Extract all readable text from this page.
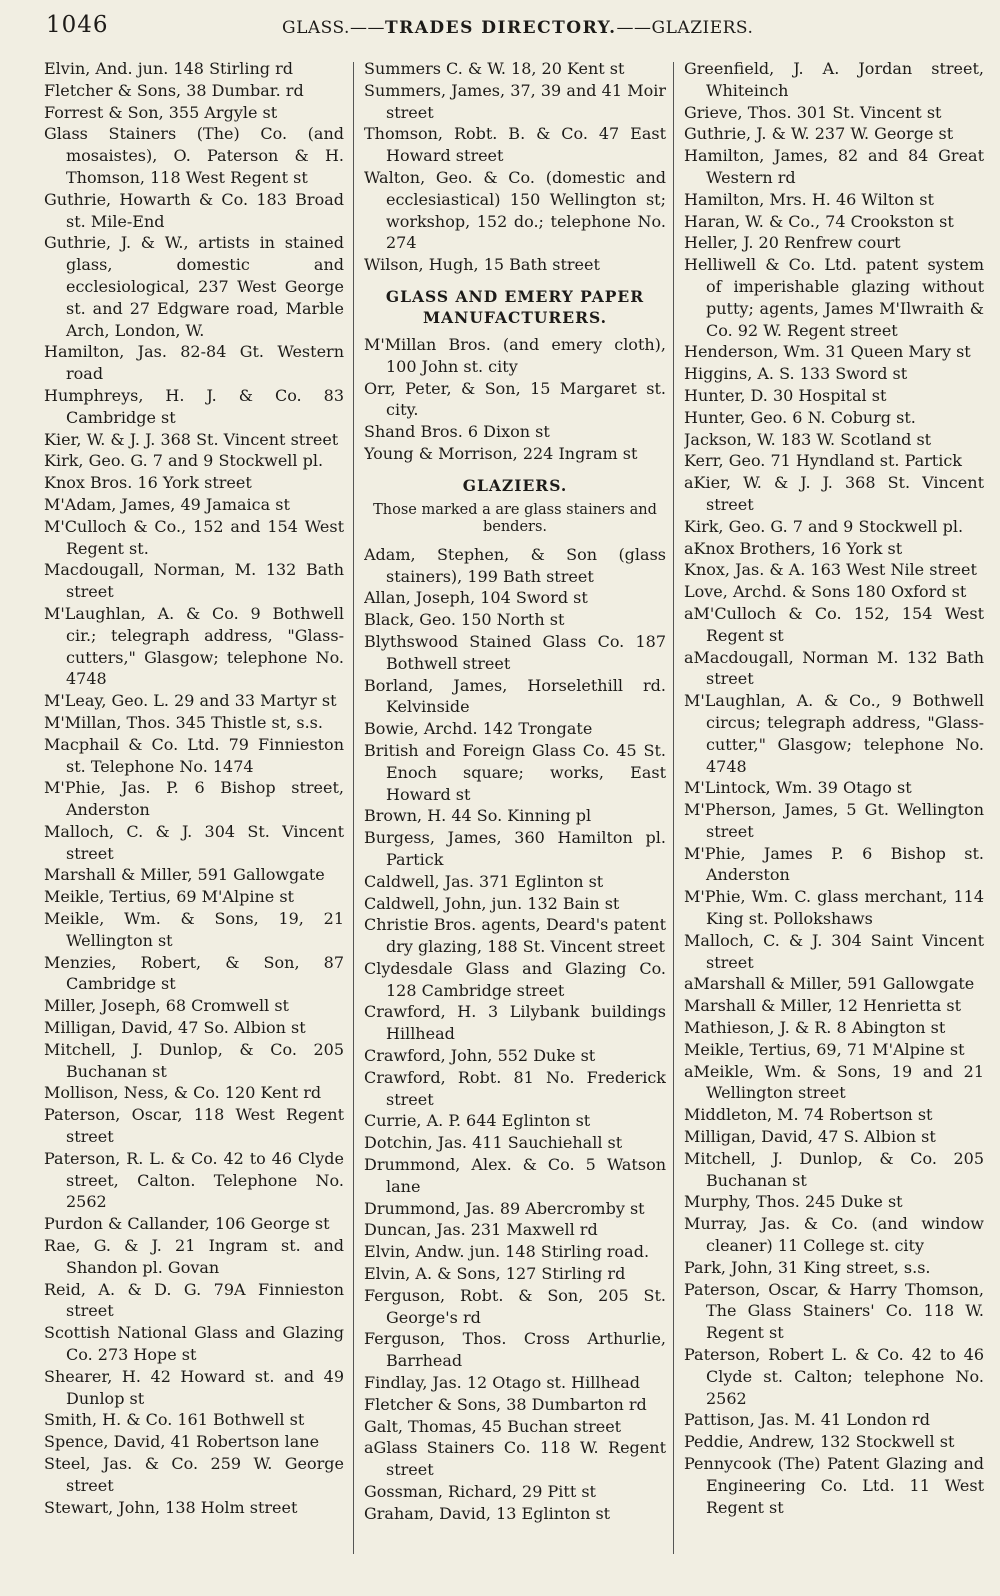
1046	GLASS.——TRADES DIRECTORY.——GLAZIERS.

Elvin, And. jun. 148 Stirling rd

Fletcher & Sons, 38 Dumbar. rd

Forrest & Son, 355 Argyle st

Glass Stainers (The) Co. (and mosaistes), O. Paterson & H. Thomson, 118 West Regent st

Guthrie, Howarth & Co. 183 Broad st. Mile-End

Guthrie, J. & W., artists in stained glass, domestic and ecclesiological, 237 West George st. and 27 Edgware road, Marble Arch, London, W.

Hamilton, Jas. 82-84 Gt. Western road

Humphreys, H. J. & Co. 83 Cambridge st

Kier, W. & J. J. 368 St. Vincent street

Kirk, Geo. G. 7 and 9 Stockwell pl.

Knox Bros. 16 York street

M'Adam, James, 49 Jamaica st

M'Culloch & Co., 152 and 154 West Regent st.

Macdougall, Norman, M. 132 Bath street

M'Laughlan, A. & Co. 9 Bothwell cir.; telegraph address, "Glass-cutters," Glasgow; telephone No. 4748

M'Leay, Geo. L. 29 and 33 Martyr st

M'Millan, Thos. 345 Thistle st, s.s.

Macphail & Co. Ltd. 79 Finnieston st. Telephone No. 1474

M'Phie, Jas. P. 6 Bishop street, Anderston

Malloch, C. & J. 304 St. Vincent street

Marshall & Miller, 591 Gallowgate

Meikle, Tertius, 69 M'Alpine st

Meikle, Wm. & Sons, 19, 21 Wellington st

Menzies, Robert, & Son, 87 Cambridge st

Miller, Joseph, 68 Cromwell st

Milligan, David, 47 So. Albion st

Mitchell, J. Dunlop, & Co. 205 Buchanan st

Mollison, Ness, & Co. 120 Kent rd

Paterson, Oscar, 118 West Regent street

Paterson, R. L. & Co. 42 to 46 Clyde street, Calton. Telephone No. 2562

Purdon & Callander, 106 George st

Rae, G. & J. 21 Ingram st. and Shandon pl. Govan

Reid, A. & D. G. 79A Finnieston street

Scottish National Glass and Glazing Co. 273 Hope st

Shearer, H. 42 Howard st. and 49 Dunlop st

Smith, H. & Co. 161 Bothwell st

Spence, David, 41 Robertson lane

Steel, Jas. & Co. 259 W. George street

Stewart, John, 138 Holm street

Summers C. & W. 18, 20 Kent st

Summers, James, 37, 39 and 41 Moir street

Thomson, Robt. B. & Co. 47 East Howard street

Walton, Geo. & Co. (domestic and ecclesiastical) 150 Wellington st; workshop, 152 do.; telephone No. 274

Wilson, Hugh, 15 Bath street

GLASS AND EMERY PAPER MANUFACTURERS.

M'Millan Bros. (and emery cloth), 100 John st. city

Orr, Peter, & Son, 15 Margaret st. city.

Shand Bros. 6 Dixon st

Young & Morrison, 224 Ingram st

GLAZIERS.
Those marked a are glass stainers and benders.

Adam, Stephen, & Son (glass stainers), 199 Bath street

Allan, Joseph, 104 Sword st

Black, Geo. 150 North st

Blythswood Stained Glass Co. 187 Bothwell street

Borland, James, Horselethill rd. Kelvinside

Bowie, Archd. 142 Trongate

British and Foreign Glass Co. 45 St. Enoch square; works, East Howard st

Brown, H. 44 So. Kinning pl

Burgess, James, 360 Hamilton pl. Partick

Caldwell, Jas. 371 Eglinton st

Caldwell, John, jun. 132 Bain st

Christie Bros. agents, Deard's patent dry glazing, 188 St. Vincent street

Clydesdale Glass and Glazing Co. 128 Cambridge street

Crawford, H. 3 Lilybank buildings Hillhead

Crawford, John, 552 Duke st

Crawford, Robt. 81 No. Frederick street

Currie, A. P. 644 Eglinton st

Dotchin, Jas. 411 Sauchiehall st

Drummond, Alex. & Co. 5 Watson lane

Drummond, Jas. 89 Abercromby st

Duncan, Jas. 231 Maxwell rd

Elvin, Andw. jun. 148 Stirling road.

Elvin, A. & Sons, 127 Stirling rd

Ferguson, Robt. & Son, 205 St. George's rd

Ferguson, Thos. Cross Arthurlie, Barrhead

Findlay, Jas. 12 Otago st. Hillhead

Fletcher & Sons, 38 Dumbarton rd

Galt, Thomas, 45 Buchan street

aGlass Stainers Co. 118 W. Regent street

Gossman, Richard, 29 Pitt st

Graham, David, 13 Eglinton st

Greenfield, J. A. Jordan street, Whiteinch

Grieve, Thos. 301 St. Vincent st

Guthrie, J. & W. 237 W. George st

Hamilton, James, 82 and 84 Great Western rd

Hamilton, Mrs. H. 46 Wilton st

Haran, W. & Co., 74 Crookston st

Heller, J. 20 Renfrew court

Helliwell & Co. Ltd. patent system of imperishable glazing without putty; agents, James M'Ilwraith & Co. 92 W. Regent street

Henderson, Wm. 31 Queen Mary st

Higgins, A. S. 133 Sword st

Hunter, D. 30 Hospital st

Hunter, Geo. 6 N. Coburg st.

Jackson, W. 183 W. Scotland st

Kerr, Geo. 71 Hyndland st. Partick

aKier, W. & J. J. 368 St. Vincent street

Kirk, Geo. G. 7 and 9 Stockwell pl.

aKnox Brothers, 16 York st

Knox, Jas. & A. 163 West Nile street

Love, Archd. & Sons 180 Oxford st

aM'Culloch & Co. 152, 154 West Regent st

aMacdougall, Norman M. 132 Bath street

M'Laughlan, A. & Co., 9 Bothwell circus; telegraph address, "Glass-cutter," Glasgow; telephone No. 4748

M'Lintock, Wm. 39 Otago st

M'Pherson, James, 5 Gt. Wellington street

M'Phie, James P. 6 Bishop st. Anderston

M'Phie, Wm. C. glass merchant, 114 King st. Pollokshaws

Malloch, C. & J. 304 Saint Vincent street

aMarshall & Miller, 591 Gallowgate

Marshall & Miller, 12 Henrietta st

Mathieson, J. & R. 8 Abington st

Meikle, Tertius, 69, 71 M'Alpine st

aMeikle, Wm. & Sons, 19 and 21 Wellington street

Middleton, M. 74 Robertson st

Milligan, David, 47 S. Albion st

Mitchell, J. Dunlop, & Co. 205 Buchanan st

Murphy, Thos. 245 Duke st

Murray, Jas. & Co. (and window cleaner) 11 College st. city

Park, John, 31 King street, s.s.

Paterson, Oscar, & Harry Thomson, The Glass Stainers' Co. 118 W. Regent st

Paterson, Robert L. & Co. 42 to 46 Clyde st. Calton; telephone No. 2562

Pattison, Jas. M. 41 London rd

Peddie, Andrew, 132 Stockwell st

Pennycook (The) Patent Glazing and Engineering Co. Ltd. 11 West Regent st
